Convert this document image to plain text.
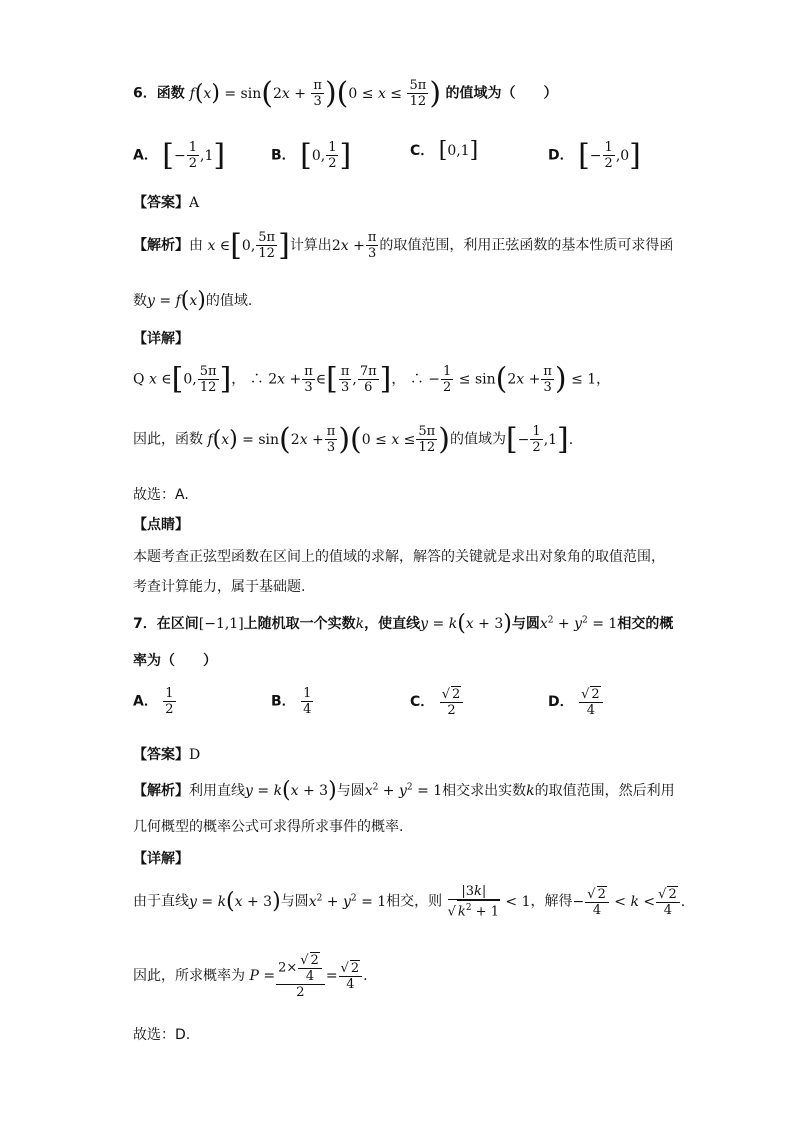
6．函数 $f(x) = \sin(2x + \frac{\pi}{3} )(0 \le x \le \frac{5\pi}{12}$ ) 的值域为（　　）
A． [− $\frac{1}{2} ,1$]	B． [0, $\frac{1}{2}$ ]	C． [0,1]	D． [− $\frac{1}{2} ,0$]
【答案】A
【解析】由 x ∈[0, $\frac{5\pi}{12}$ ]计算出$2x + \frac{\pi}{3}$ 的取值范围，利用正弦函数的基本性质可求得函
数y = f(x)的值域.
【详解】
Q x ∈[0, $\frac{5\pi}{12}$ ]， ∴ $2x + \frac{\pi}{3}$ ∈[ $\frac{\pi}{3}$ , $\frac{7\pi}{6}$ ]， ∴ − $\frac{1}{2} \le \sin(2x + \frac{\pi}{3}$ ) ≤ 1，
因此，函数 $f(x) = \sin(2x + \frac{\pi}{3} )(0 \le x \le \frac{5\pi}{12}$ )的值域为[− $\frac{1}{2} ,1$].
故选：A.
【点睛】
本题考查正弦型函数在区间上的值域的求解，解答的关键就是求出对象角的取值范围，
考查计算能力，属于基础题.
7．在区间[−1,1]上随机取一个实数k，使直线y = k(x + 3)与圆$x^2 + y^2 = 1$相交的概
率为（　　）
A． $\frac{1}{2}$	B． $\frac{1}{4}$	C． $\frac{√ 2}{2}$	D． $\frac{√ 2}{4}$
【答案】D
【解析】利用直线y = k(x + 3)与圆$x^2 + y^2 = 1$相交求出实数k的取值范围，然后利用
几何概型的概率公式可求得所求事件的概率.
【详解】
由于直线y = k(x + 3)与圆$x^2 + y^2 = 1$相交，则 $\frac{|3k|}{√ k^2 + 1} < 1$，解得− $\frac{√ 2}{4} < k < \frac{√ 2}{4}$ .
因此，所求概率为 $P = \frac{2\times \frac{√ 2}{4}}{2} = \frac{√ 2}{4}$ .
故选：D.
